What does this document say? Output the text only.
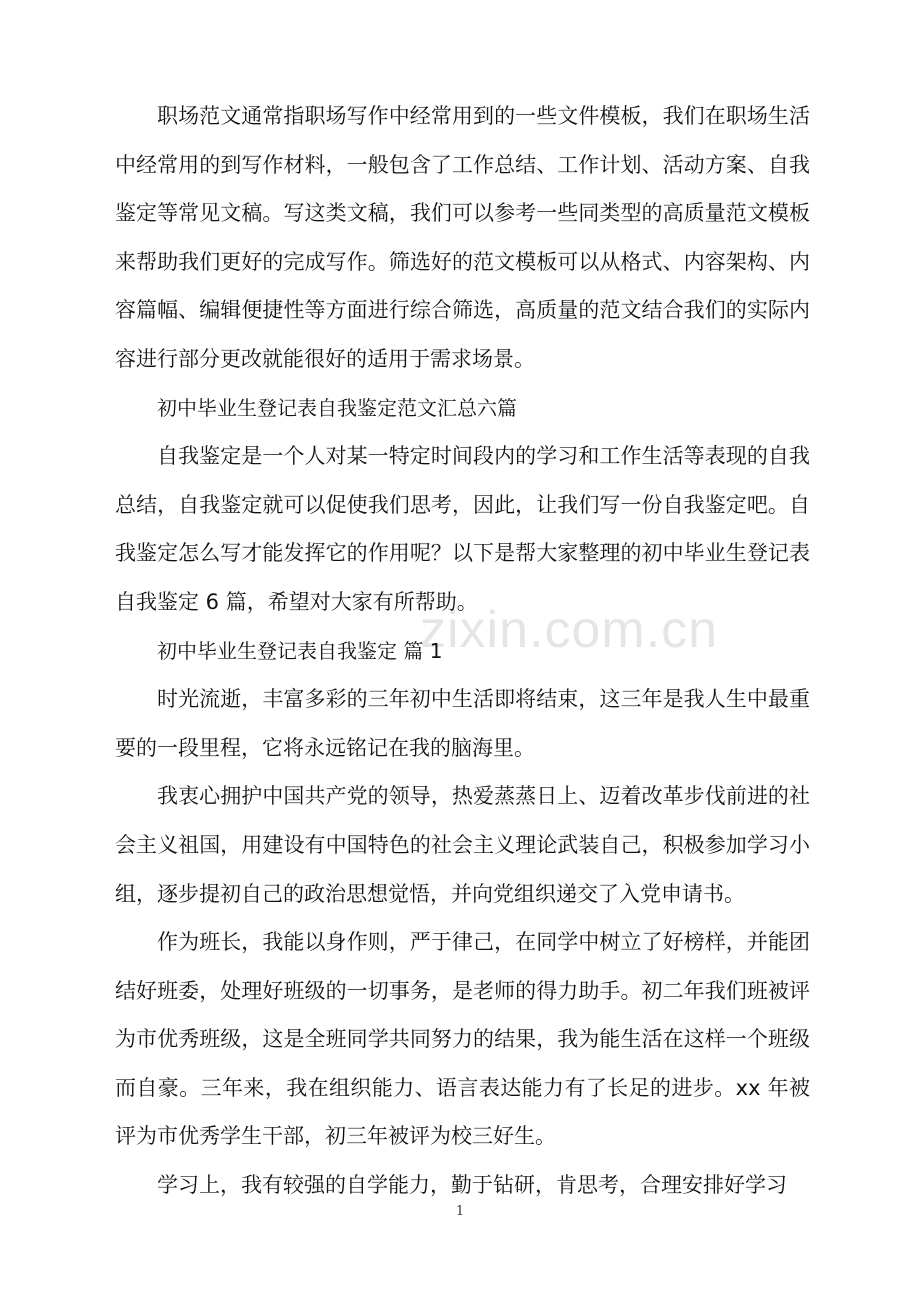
职场范文通常指职场写作中经常用到的一些文件模板，我们在职场生活中经常用的到写作材料，一般包含了工作总结、工作计划、活动方案、自我鉴定等常见文稿。写这类文稿，我们可以参考一些同类型的高质量范文模板来帮助我们更好的完成写作。筛选好的范文模板可以从格式、内容架构、内容篇幅、编辑便捷性等方面进行综合筛选，高质量的范文结合我们的实际内容进行部分更改就能很好的适用于需求场景。

初中毕业生登记表自我鉴定范文汇总六篇

自我鉴定是一个人对某一特定时间段内的学习和工作生活等表现的自我总结，自我鉴定就可以促使我们思考，因此，让我们写一份自我鉴定吧。自我鉴定怎么写才能发挥它的作用呢？以下是帮大家整理的初中毕业生登记表自我鉴定 6 篇，希望对大家有所帮助。

初中毕业生登记表自我鉴定 篇 1

时光流逝，丰富多彩的三年初中生活即将结束，这三年是我人生中最重要的一段里程，它将永远铭记在我的脑海里。

我衷心拥护中国共产党的领导，热爱蒸蒸日上、迈着改革步伐前进的社会主义祖国，用建设有中国特色的社会主义理论武装自己，积极参加学习小组，逐步提初自己的政治思想觉悟，并向党组织递交了入党申请书。

作为班长，我能以身作则，严于律己，在同学中树立了好榜样，并能团结好班委，处理好班级的一切事务，是老师的得力助手。初二年我们班被评为市优秀班级，这是全班同学共同努力的结果，我为能生活在这样一个班级而自豪。三年来，我在组织能力、语言表达能力有了长足的进步。xx 年被评为市优秀学生干部，初三年被评为校三好生。

学习上，我有较强的自学能力，勤于钻研，肯思考，合理安排好学习

zixin.com.cn
1
